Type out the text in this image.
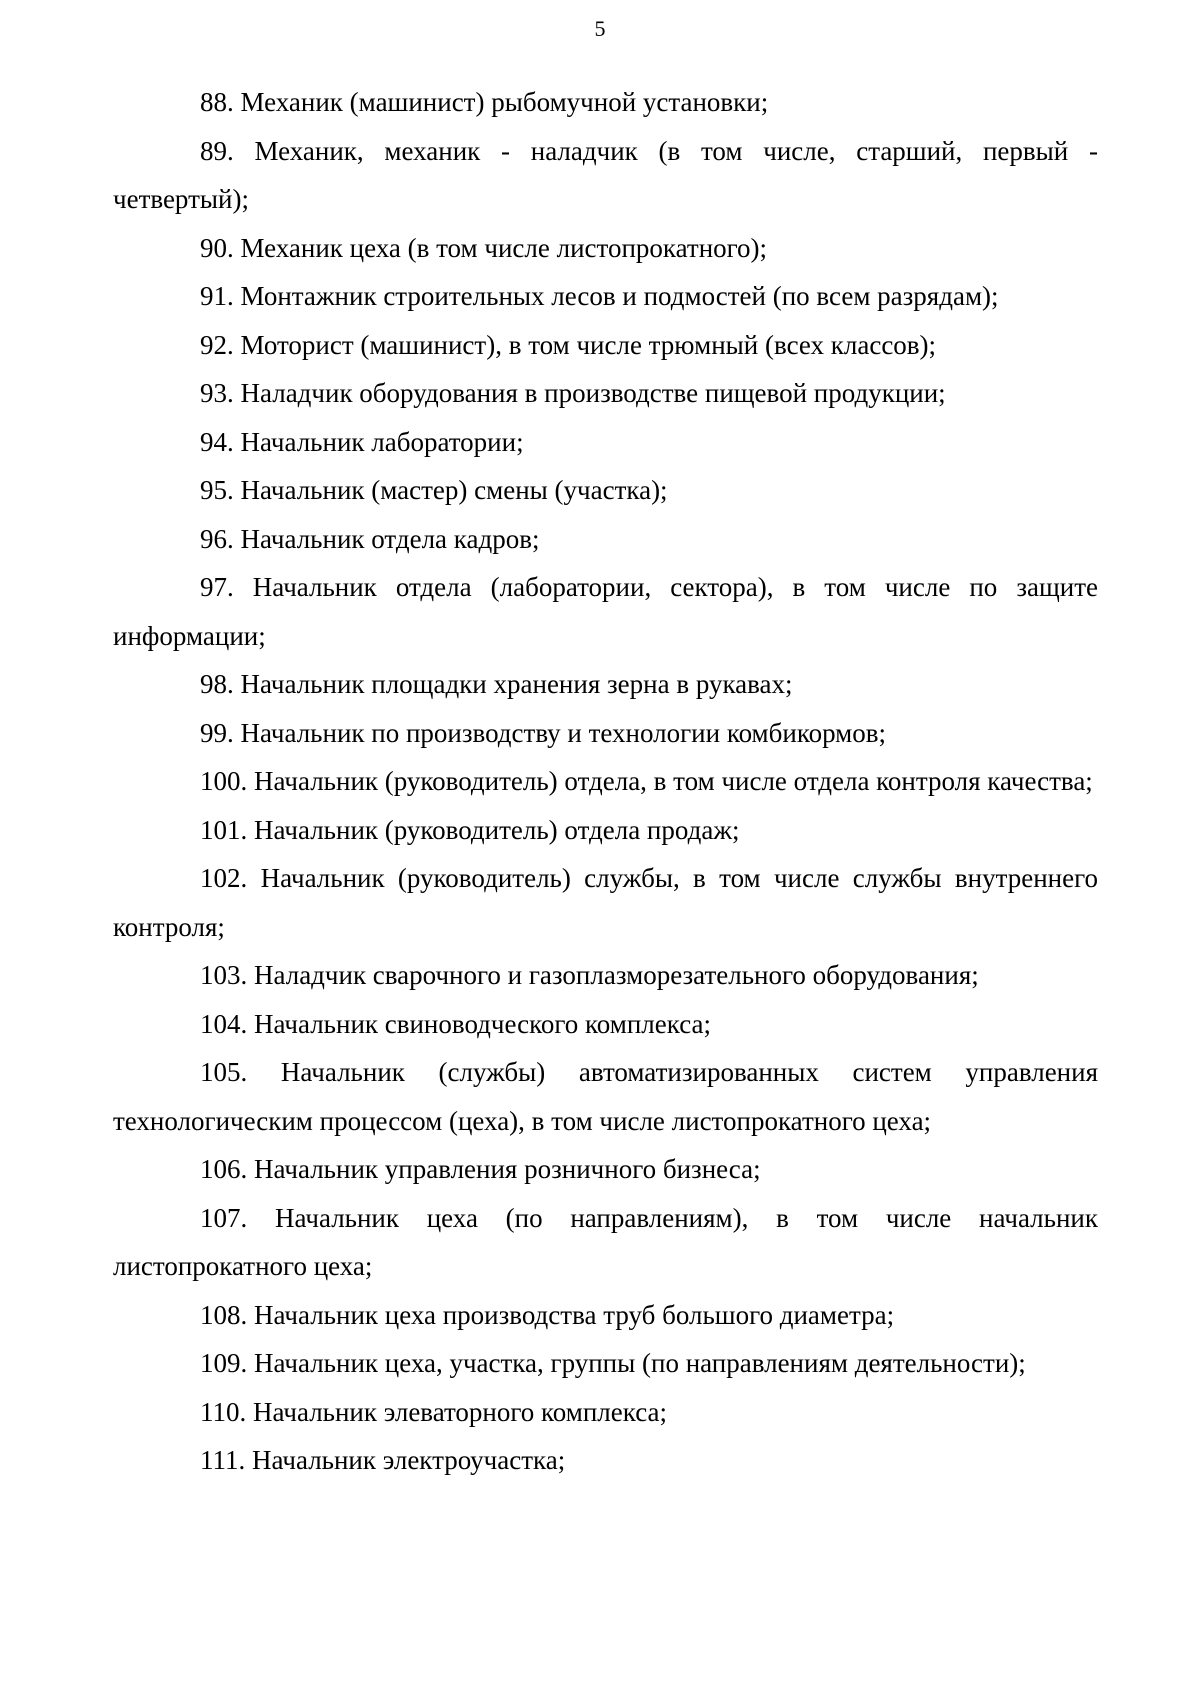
5

88. Механик (машинист) рыбомучной установки;

89. Механик, механик - наладчик (в том числе, старший, первый - четвертый);

90. Механик цеха (в том числе листопрокатного);

91. Монтажник строительных лесов и подмостей (по всем разрядам);

92. Моторист (машинист), в том числе трюмный (всех классов);

93. Наладчик оборудования в производстве пищевой продукции;

94. Начальник лаборатории;

95. Начальник (мастер) смены (участка);

96. Начальник отдела кадров;

97. Начальник отдела (лаборатории, сектора), в том числе по защите информации;

98. Начальник площадки хранения зерна в рукавах;

99. Начальник по производству и технологии комбикормов;

100. Начальник (руководитель) отдела, в том числе отдела контроля качества;

101. Начальник (руководитель) отдела продаж;

102. Начальник (руководитель) службы, в том числе службы внутреннего контроля;

103. Наладчик сварочного и газоплазморезательного оборудования;

104. Начальник свиноводческого комплекса;

105. Начальник (службы) автоматизированных систем управления технологическим процессом (цеха), в том числе листопрокатного цеха;

106. Начальник управления розничного бизнеса;

107. Начальник цеха (по направлениям), в том числе начальник листопрокатного цеха;

108. Начальник цеха производства труб большого диаметра;

109. Начальник цеха, участка, группы (по направлениям деятельности);

110. Начальник элеваторного комплекса;

111. Начальник электроучастка;
